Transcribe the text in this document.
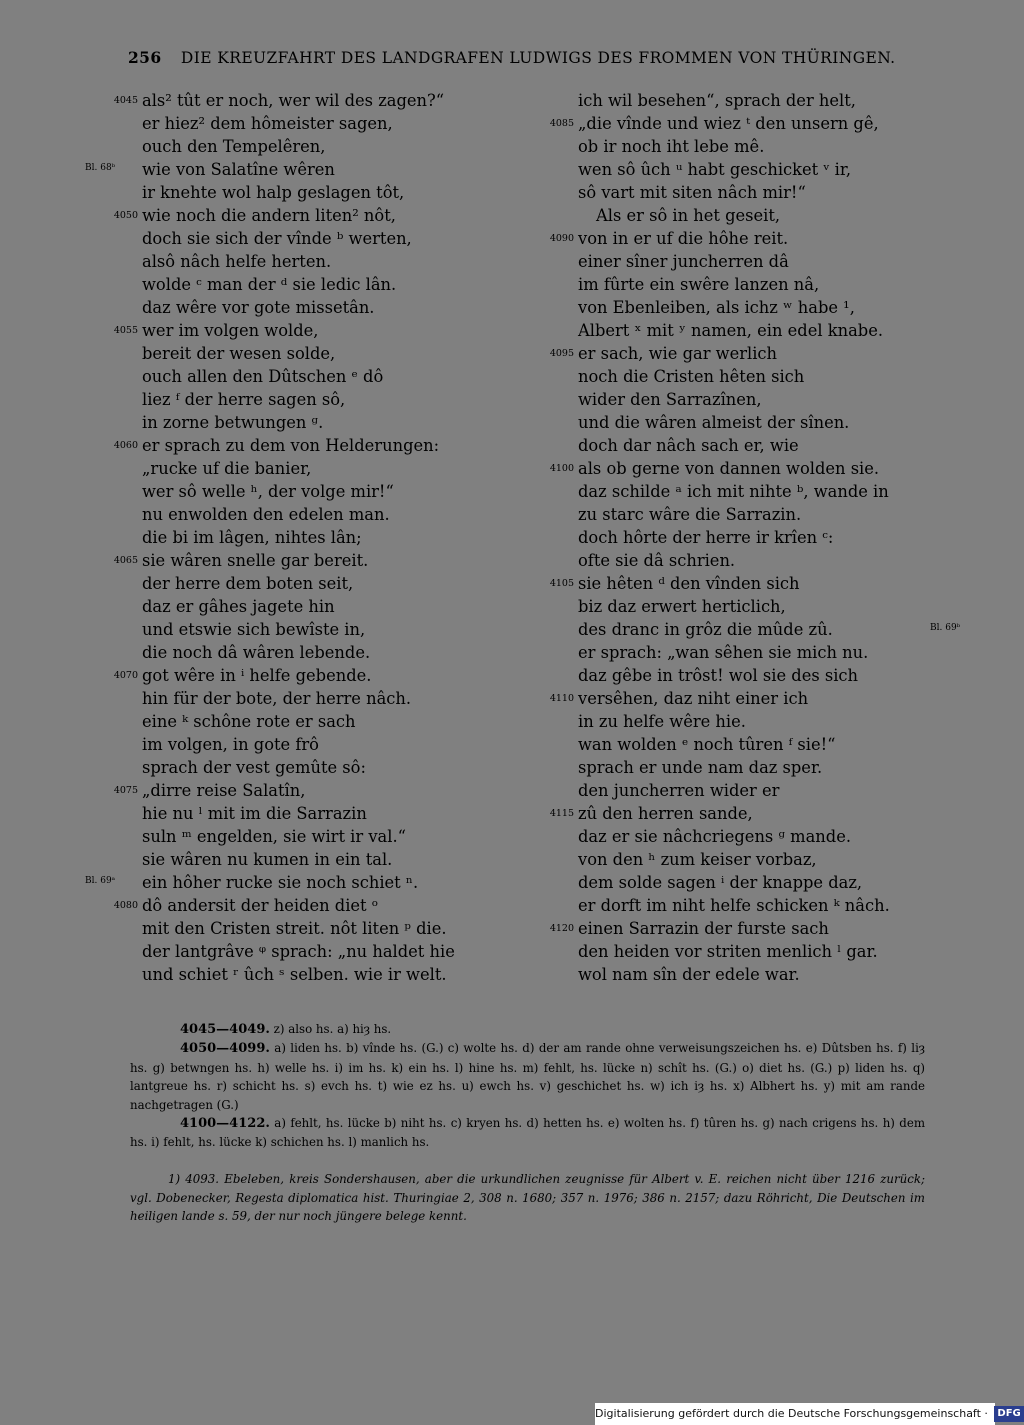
256 DIE KREUZFAHRT DES LANDGRAFEN LUDWIGS DES FROMMEN VON THÜRINGEN.
4045 als² tût er noch, wer wil des zagen?“
er hiez² dem hômeister sagen,
ouch den Tempelêren,
wie von Salatîne wêren
Bl. 68ᵇ
ir knehte wol halp geslagen tôt,
4050 wie noch die andern liten² nôt,
doch sie sich der vînde ᵇ werten,
alsô nâch helfe herten.
wolde ᶜ man der ᵈ sie ledic lân.
daz wêre vor gote missetân.
4055 wer im volgen wolde,
bereit der wesen solde,
ouch allen den Dûtschen ᵉ dô
liez ᶠ der herre sagen sô,
in zorne betwungen ᵍ.
4060 er sprach zu dem von Helderungen:
„rucke uf die banier,
wer sô welle ʰ, der volge mir!“
nu enwolden den edelen man.
die bi im lâgen, nihtes lân;
4065 sie wâren snelle gar bereit.
der herre dem boten seit,
daz er gâhes jagete hin
und etswie sich bewîste in,
die noch dâ wâren lebende.
4070 got wêre in ⁱ helfe gebende.
hin für der bote, der herre nâch.
eine ᵏ schône rote er sach
im volgen, in gote frô
sprach der vest gemûte sô:
4075 „dirre reise Salatîn,
hie nu ˡ mit im die Sarrazin
suln ᵐ engelden, sie wirt ir val.“
sie wâren nu kumen in ein tal.
ein hôher rucke sie noch schiet ⁿ.
Bl. 69ᵃ
4080 dô andersit der heiden diet ᵒ
mit den Cristen streit. nôt liten ᵖ die.
der lantgrâve ᵠ sprach: „nu haldet hie
und schiet ʳ ûch ˢ selben. wie ir welt.
ich wil besehen“, sprach der helt,
4085 „die vînde und wiez ᵗ den unsern gê,
ob ir noch iht lebe mê.
wen sô ûch ᵘ habt geschicket ᵛ ir,
sô vart mit siten nâch mir!“
Als er sô in het geseit,
4090 von in er uf die hôhe reit.
einer sîner juncherren dâ
im fûrte ein swêre lanzen nâ,
von Ebenleiben, als ichz ʷ habe ¹,
Albert ˣ mit ʸ namen, ein edel knabe.
4095 er sach, wie gar werlich
noch die Cristen hêten sich
wider den Sarrazînen,
und die wâren almeist der sînen.
doch dar nâch sach er, wie
4100 als ob gerne von dannen wolden sie.
daz schilde ᵃ ich mit nihte ᵇ, wande in
zu starc wâre die Sarrazin.
doch hôrte der herre ir krîen ᶜ:
ofte sie dâ schrien.
4105 sie hêten ᵈ den vînden sich
biz daz erwert herticlich,
des dranc in grôz die mûde zû.	Bl. 69ᵇ
er sprach: „wan sêhen sie mich nu.
daz gêbe in trôst! wol sie des sich
4110 versêhen, daz niht einer ich
in zu helfe wêre hie.
wan wolden ᵉ noch tûren ᶠ sie!“
sprach er unde nam daz sper.
den juncherren wider er
4115 zû den herren sande,
daz er sie nâchcriegens ᵍ mande.
von den ʰ zum keiser vorbaz,
dem solde sagen ⁱ der knappe daz,
er dorft im niht helfe schicken ᵏ nâch.
4120 einen Sarrazin der furste sach
den heiden vor striten menlich ˡ gar.
wol nam sîn der edele war.

4045—4049. z) also hs. a) hiȝ hs.

4050—4099. a) liden hs. b) vînde hs. (G.) c) wolte hs. d) der am rande ohne verweisungszeichen hs. e) Dûtsben hs. f) liȝ hs. g) betwngen hs. h) welle hs. i) im hs. k) ein hs. l) hine hs. m) fehlt, hs. lücke n) schît hs. (G.) o) diet hs. (G.) p) liden hs. q) lantgreue hs. r) schicht hs. s) evch hs. t) wie ez hs. u) ewch hs. v) geschichet hs. w) ich iȝ hs. x) Albhert hs. y) mit am rande nachgetragen (G.)

4100—4122. a) fehlt, hs. lücke b) niht hs. c) kryen hs. d) hetten hs. e) wolten hs. f) tûren hs. g) nach crigens hs. h) dem hs. i) fehlt, hs. lücke k) schichen hs. l) manlich hs.

1) 4093. Ebeleben, kreis Sondershausen, aber die urkundlichen zeugnisse für Albert v. E. reichen nicht über 1216 zurück; vgl. Dobenecker, Regesta diplomatica hist. Thuringiae 2, 308 n. 1680; 357 n. 1976; 386 n. 2157; dazu Röhricht, Die Deutschen im heiligen lande s. 59, der nur noch jüngere belege kennt.

Digitalisierung gefördert durch die Deutsche Forschungsgemeinschaft · DFG
